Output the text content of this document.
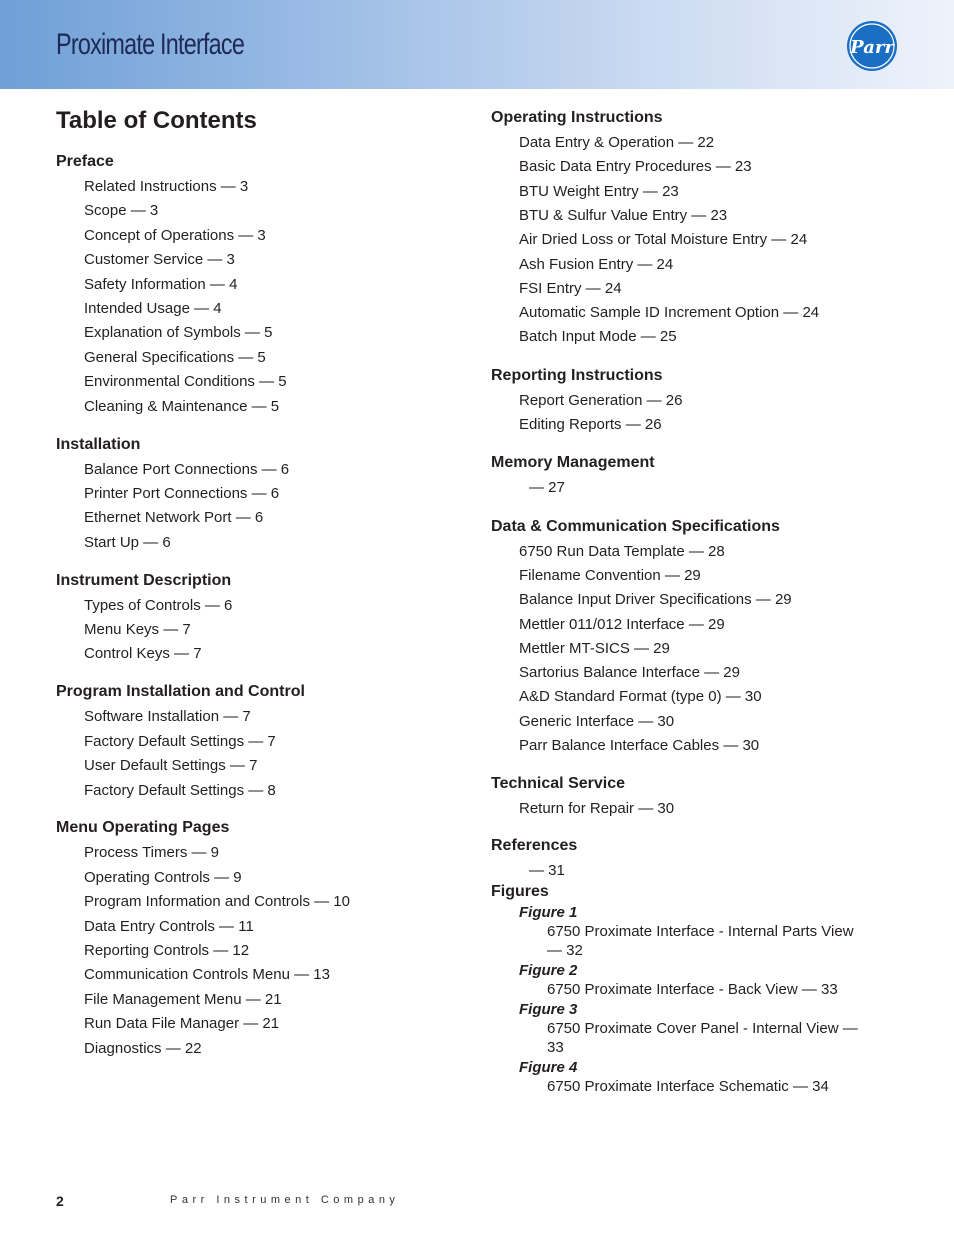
Proximate Interface	Parr
Table of Contents
Preface
Related Instructions — 3
Scope — 3
Concept of Operations — 3
Customer Service — 3
Safety Information — 4
Intended Usage — 4
Explanation of Symbols — 5
General Specifications — 5
Environmental Conditions — 5
Cleaning & Maintenance — 5
Installation
Balance Port Connections — 6
Printer Port Connections — 6
Ethernet Network Port — 6
Start Up — 6
Instrument Description
Types of Controls — 6
Menu Keys — 7
Control Keys — 7
Program Installation and Control
Software Installation — 7
Factory Default Settings — 7
User Default Settings — 7
Factory Default Settings — 8
Menu Operating Pages
Process Timers — 9
Operating Controls — 9
Program Information and Controls — 10
Data Entry Controls — 11
Reporting Controls — 12
Communication Controls Menu — 13
File Management Menu — 21
Run Data File Manager — 21
Diagnostics — 22
Operating Instructions
Data Entry & Operation — 22
Basic Data Entry Procedures — 23
BTU Weight Entry — 23
BTU & Sulfur Value Entry — 23
Air Dried Loss or Total Moisture Entry — 24
Ash Fusion Entry — 24
FSI Entry — 24
Automatic Sample ID Increment Option — 24
Batch Input Mode — 25
Reporting Instructions
Report Generation — 26
Editing Reports — 26
Memory Management
— 27
Data & Communication Specifications
6750 Run Data Template — 28
Filename Convention — 29
Balance Input Driver Specifications — 29
Mettler 011/012 Interface — 29
Mettler MT-SICS — 29
Sartorius Balance Interface — 29
A&D Standard Format (type 0) — 30
Generic Interface — 30
Parr Balance Interface Cables — 30
Technical Service
Return for Repair — 30
References
— 31
Figures
Figure 1
6750 Proximate Interface - Internal Parts View — 32
Figure 2
6750 Proximate Interface - Back View — 33
Figure 3
6750 Proximate Cover Panel - Internal View — 33
Figure 4
6750 Proximate Interface Schematic — 34
2	Parr Instrument Company
